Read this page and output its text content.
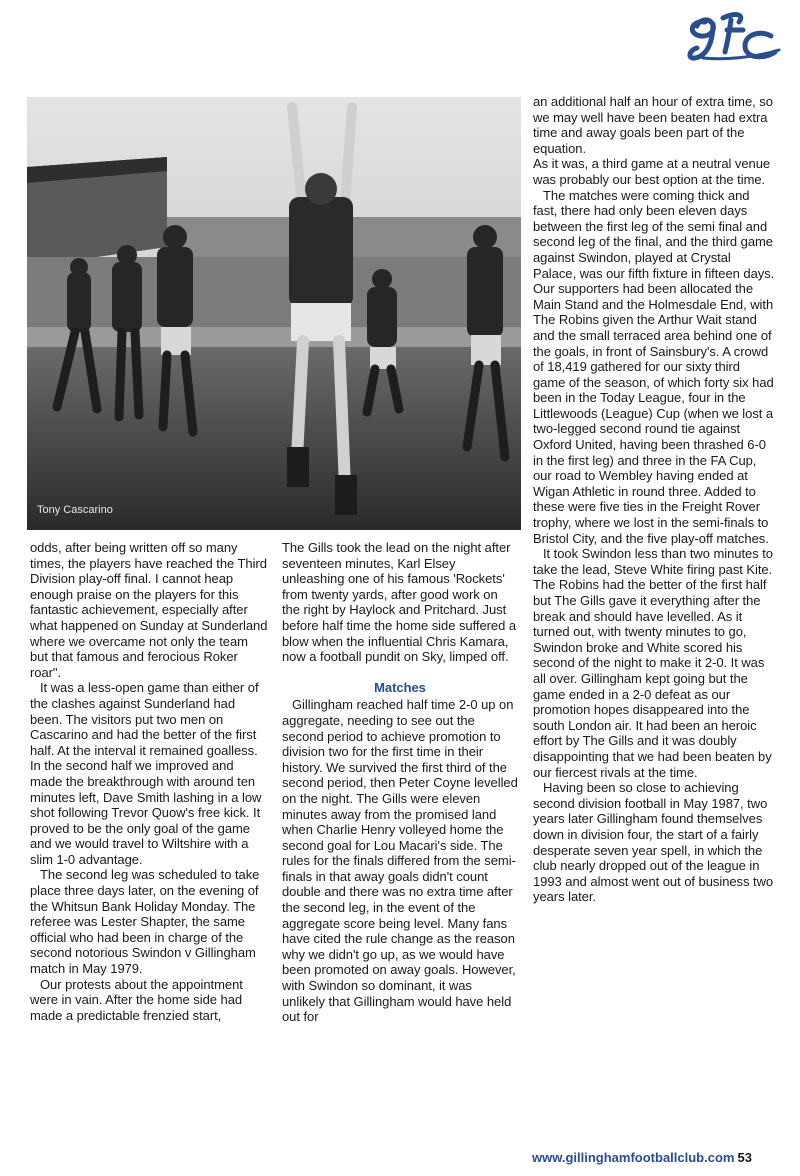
Tony Cascarino

odds, after being written off so many times, the players have reached the Third Division play-off final. I cannot heap enough praise on the players for this fantastic achievement, especially after what happened on Sunday at Sunderland where we overcame not only the team but that famous and ferocious Roker roar".

It was a less-open game than either of the clashes against Sunderland had been. The visitors put two men on Cascarino and had the better of the first half. At the interval it remained goalless. In the second half we improved and made the breakthrough with around ten minutes left, Dave Smith lashing in a low shot following Trevor Quow's free kick. It proved to be the only goal of the game and we would travel to Wiltshire with a slim 1-0 advantage.

The second leg was scheduled to take place three days later, on the evening of the Whitsun Bank Holiday Monday. The referee was Lester Shapter, the same official who had been in charge of the second notorious Swindon v Gillingham match in May 1979.

Our protests about the appointment were in vain. After the home side had made a predictable frenzied start,

The Gills took the lead on the night after seventeen minutes, Karl Elsey unleashing one of his famous 'Rockets' from twenty yards, after good work on the right by Haylock and Pritchard. Just before half time the home side suffered a blow when the influential Chris Kamara, now a football pundit on Sky, limped off.

Matches

Gillingham reached half time 2-0 up on aggregate, needing to see out the second period to achieve promotion to division two for the first time in their history. We survived the first third of the second period, then Peter Coyne levelled on the night. The Gills were eleven minutes away from the promised land when Charlie Henry volleyed home the second goal for Lou Macari's side. The rules for the finals differed from the semi-finals in that away goals didn't count double and there was no extra time after the second leg, in the event of the aggregate score being level. Many fans have cited the rule change as the reason why we didn't go up, as we would have been promoted on away goals. However, with Swindon so dominant, it was unlikely that Gillingham would have held out for

an additional half an hour of extra time, so we may well have been beaten had extra time and away goals been part of the equation.

As it was, a third game at a neutral venue was probably our best option at the time.

The matches were coming thick and fast, there had only been eleven days between the first leg of the semi final and second leg of the final, and the third game against Swindon, played at Crystal Palace, was our fifth fixture in fifteen days. Our supporters had been allocated the Main Stand and the Holmesdale End, with The Robins given the Arthur Wait stand and the small terraced area behind one of the goals, in front of Sainsbury's. A crowd of 18,419 gathered for our sixty third game of the season, of which forty six had been in the Today League, four in the Littlewoods (League) Cup (when we lost a two-legged second round tie against Oxford United, having been thrashed 6-0 in the first leg) and three in the FA Cup, our road to Wembley having ended at Wigan Athletic in round three. Added to these were five ties in the Freight Rover trophy, where we lost in the semi-finals to Bristol City, and the five play-off matches.

It took Swindon less than two minutes to take the lead, Steve White firing past Kite. The Robins had the better of the first half but The Gills gave it everything after the break and should have levelled. As it turned out, with twenty minutes to go, Swindon broke and White scored his second of the night to make it 2-0. It was all over. Gillingham kept going but the game ended in a 2-0 defeat as our promotion hopes disappeared into the south London air. It had been an heroic effort by The Gills and it was doubly disappointing that we had been beaten by our fiercest rivals at the time.

Having been so close to achieving second division football in May 1987, two years later Gillingham found themselves down in division four, the start of a fairly desperate seven year spell, in which the club nearly dropped out of the league in 1993 and almost went out of business two years later.

www.gillinghamfootballclub.com 53
